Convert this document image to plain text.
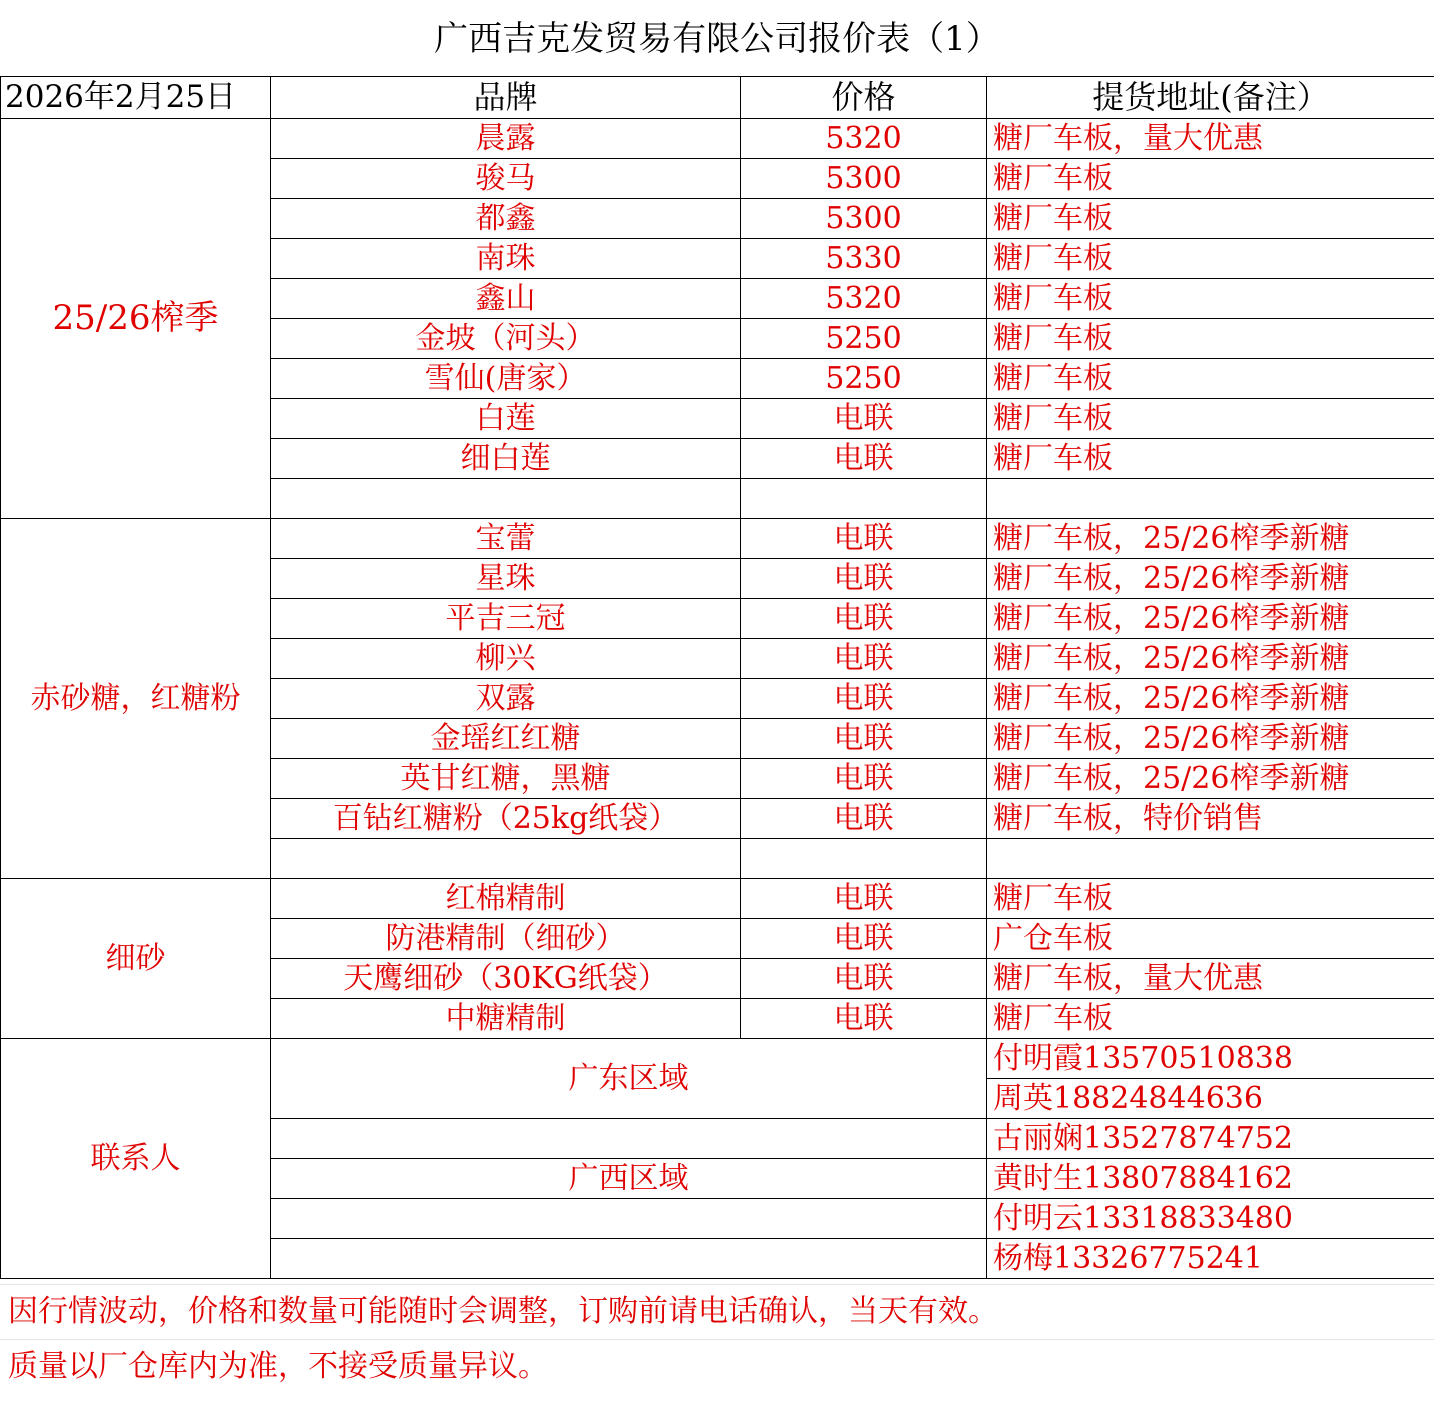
广西吉克发贸易有限公司报价表（1）
2026年2月25日	品牌	价格	提货地址(备注）
25/26榨季	晨露	5320	糖厂车板，量大优惠
	骏马	5300	糖厂车板
	都鑫	5300	糖厂车板
	南珠	5330	糖厂车板
	鑫山	5320	糖厂车板
	金坡（河头）	5250	糖厂车板
	雪仙(唐家）	5250	糖厂车板
	白莲	电联	糖厂车板
	细白莲	电联	糖厂车板

赤砂糖，红糖粉	宝蕾	电联	糖厂车板，25/26榨季新糖
	星珠	电联	糖厂车板，25/26榨季新糖
	平吉三冠	电联	糖厂车板，25/26榨季新糖
	柳兴	电联	糖厂车板，25/26榨季新糖
	双露	电联	糖厂车板，25/26榨季新糖
	金瑶红红糖	电联	糖厂车板，25/26榨季新糖
	英甘红糖，黑糖	电联	糖厂车板，25/26榨季新糖
	百钻红糖粉（25kg纸袋）	电联	糖厂车板，特价销售

细砂	红棉精制	电联	糖厂车板
	防港精制（细砂）	电联	广仓车板
	天鹰细砂（30KG纸袋）	电联	糖厂车板，量大优惠
	中糖精制	电联	糖厂车板
联系人	广东区域		付明霞13570510838
			周英18824844636
			古丽娴13527874752
	广西区域		黄时生13807884162
			付明云13318833480
			杨梅13326775241
因行情波动，价格和数量可能随时会调整，订购前请电话确认，当天有效。
质量以厂仓库内为准，不接受质量异议。
